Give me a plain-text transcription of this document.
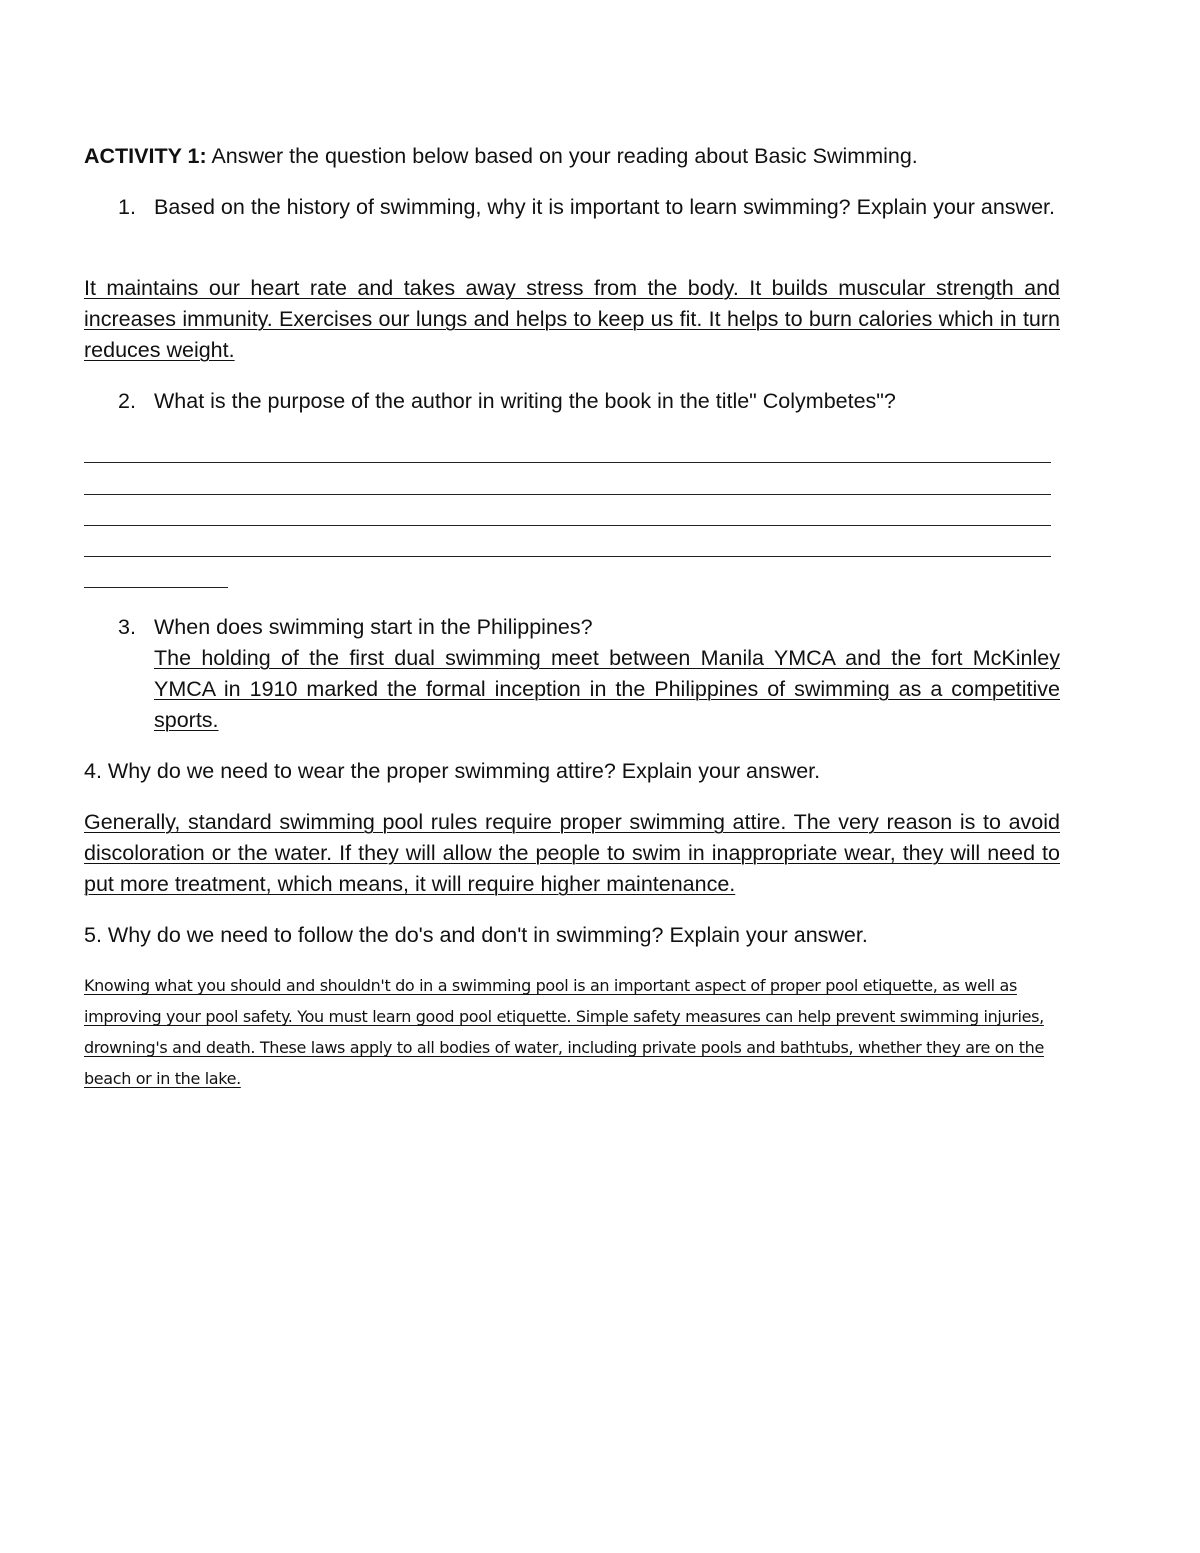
ACTIVITY 1: Answer the question below based on your reading about Basic Swimming.
1. Based on the history of swimming, why it is important to learn swimming? Explain your answer.
It maintains our heart rate and takes away stress from the body. It builds muscular strength and increases immunity. Exercises our lungs and helps to keep us fit. It helps to burn calories which in turn reduces weight.
2. What is the purpose of the author in writing the book in the title" Colymbetes"?
3. When does swimming start in the Philippines?
The holding of the first dual swimming meet between Manila YMCA and the fort McKinley YMCA in 1910 marked the formal inception in the Philippines of swimming as a competitive sports.
4. Why do we need to wear the proper swimming attire? Explain your answer.
Generally, standard swimming pool rules require proper swimming attire. The very reason is to avoid discoloration or the water. If they will allow the people to swim in inappropriate wear, they will need to put more treatment, which means, it will require higher maintenance.
5. Why do we need to follow the do's and don't in swimming? Explain your answer.
Knowing what you should and shouldn't do in a swimming pool is an important aspect of proper pool etiquette, as well as improving your pool safety. You must learn good pool etiquette. Simple safety measures can help prevent swimming injuries, drowning's and death. These laws apply to all bodies of water, including private pools and bathtubs, whether they are on the beach or in the lake.
